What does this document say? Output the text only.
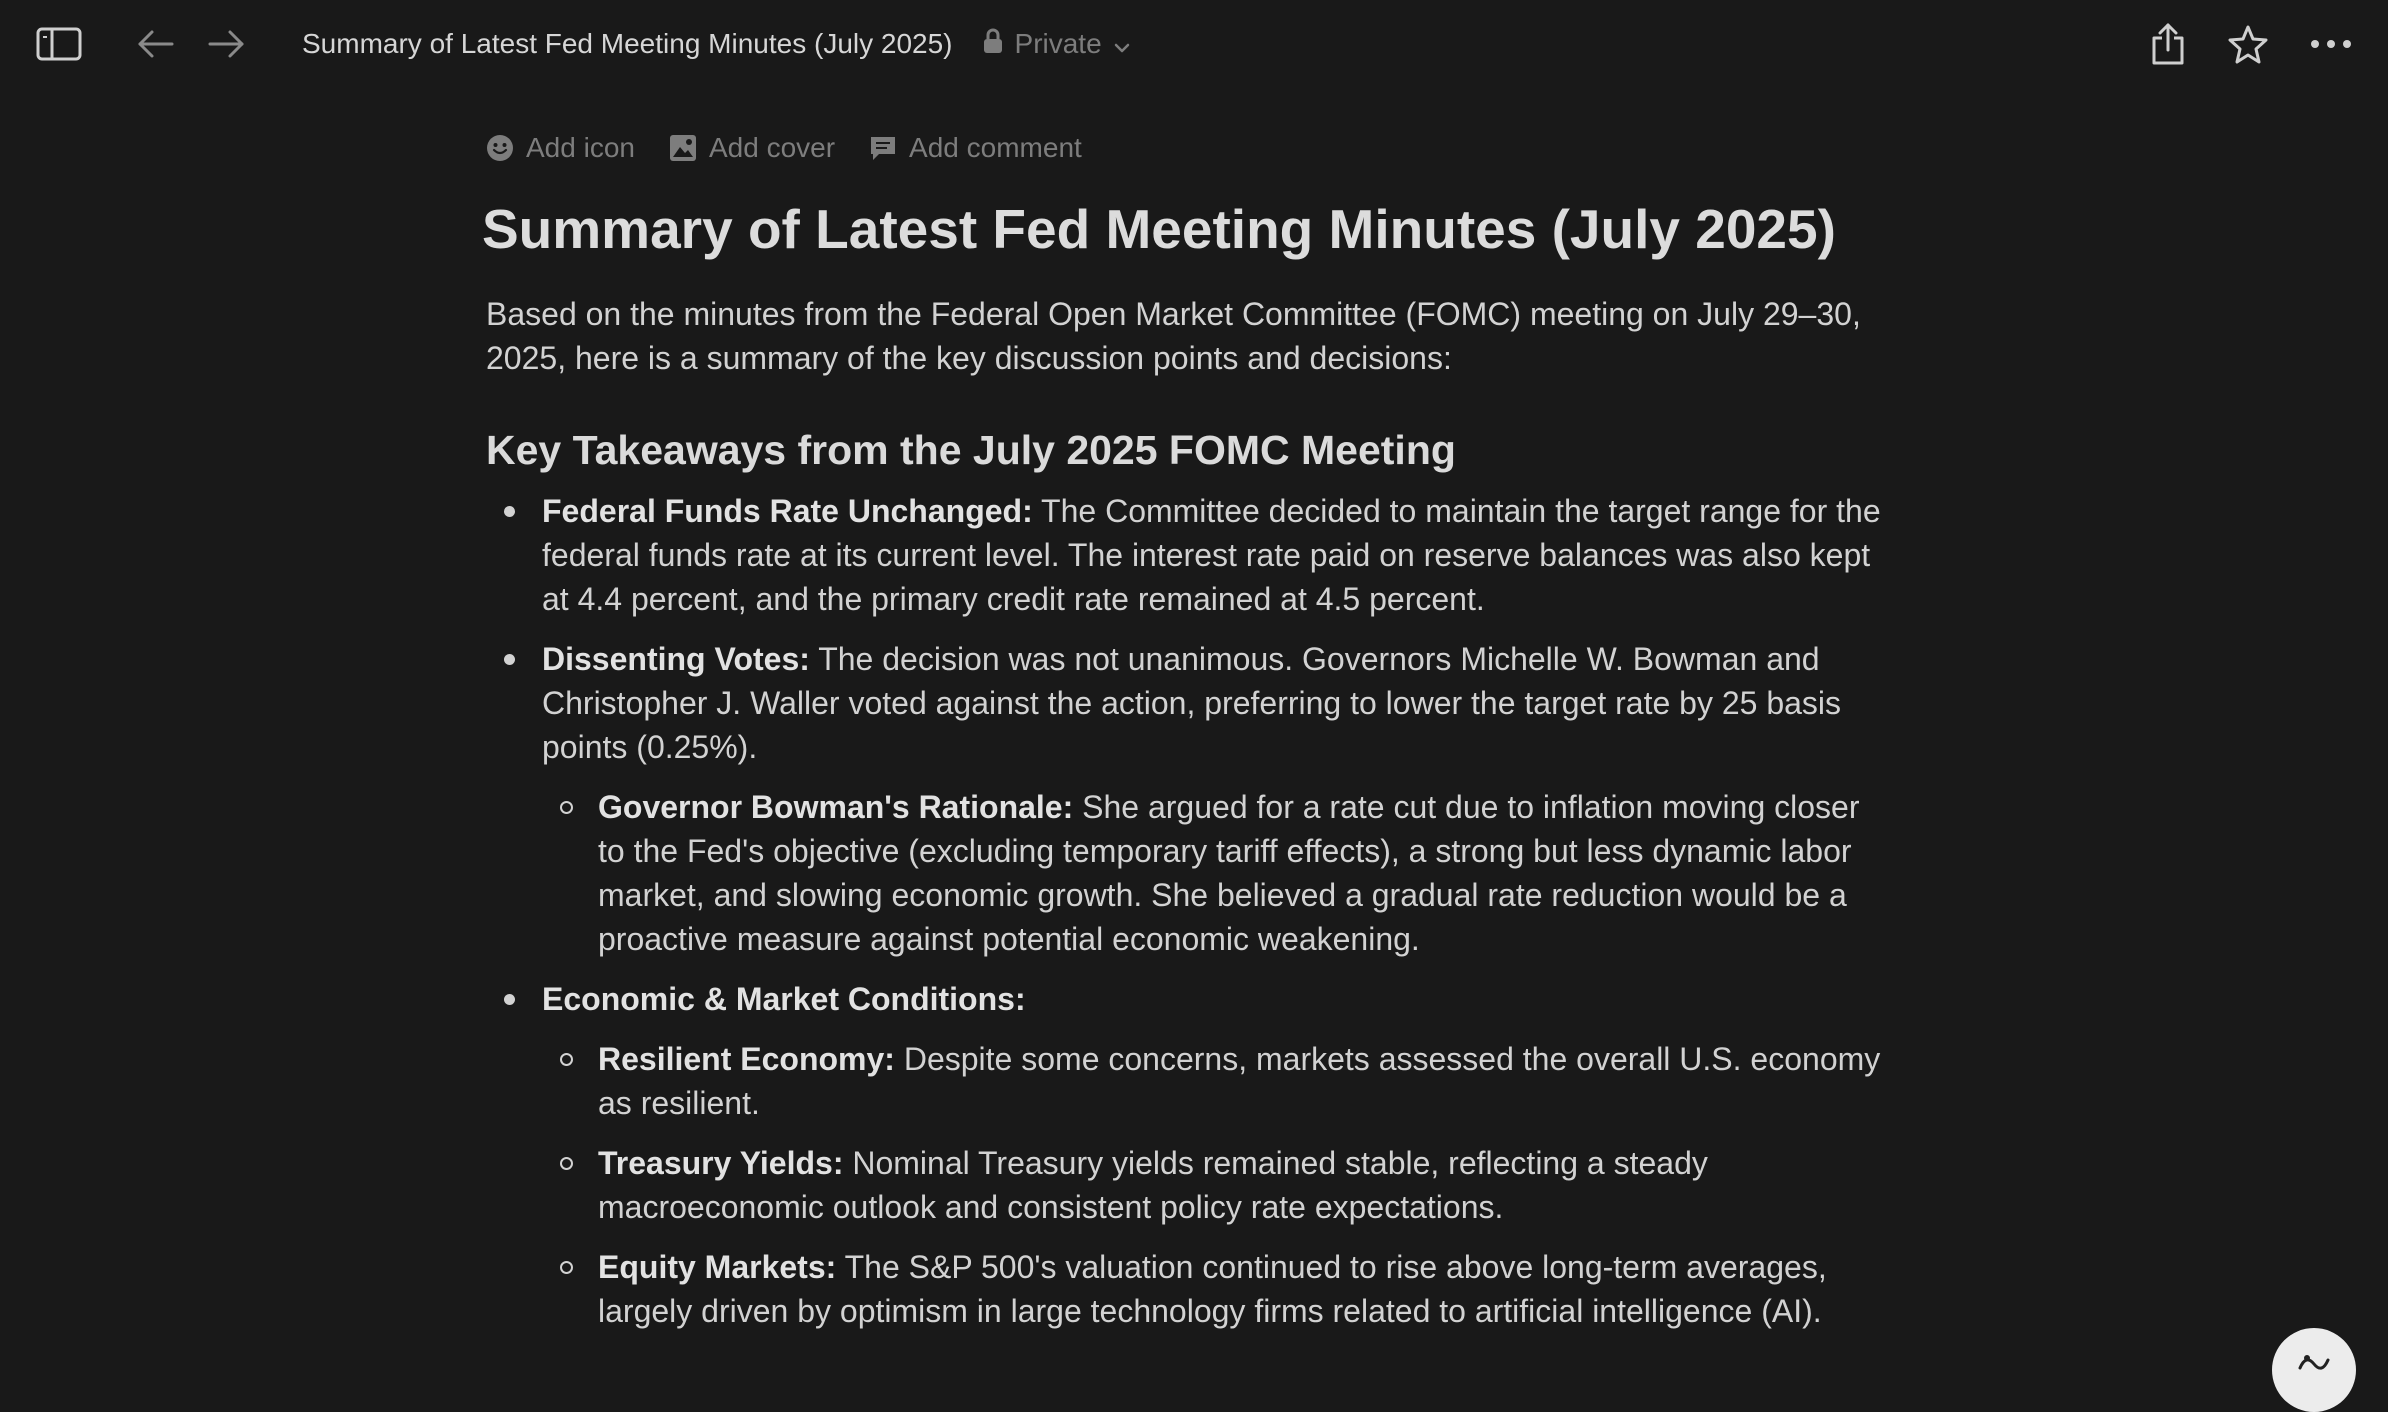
Summary of Latest Fed Meeting Minutes (July 2025) Private
Add icon	Add cover	Add comment
Summary of Latest Fed Meeting Minutes (July 2025)

Based on the minutes from the Federal Open Market Committee (FOMC) meeting on July 29–30, 2025, here is a summary of the key discussion points and decisions:

Key Takeaways from the July 2025 FOMC Meeting
Federal Funds Rate Unchanged: The Committee decided to maintain the target range for the federal funds rate at its current level. The interest rate paid on reserve balances was also kept at 4.4 percent, and the primary credit rate remained at 4.5 percent.
Dissenting Votes: The decision was not unanimous. Governors Michelle W. Bowman and Christopher J. Waller voted against the action, preferring to lower the target rate by 25 basis points (0.25%).
Governor Bowman's Rationale: She argued for a rate cut due to inflation moving closer to the Fed's objective (excluding temporary tariff effects), a strong but less dynamic labor market, and slowing economic growth. She believed a gradual rate reduction would be a proactive measure against potential economic weakening.
Economic & Market Conditions:
Resilient Economy: Despite some concerns, markets assessed the overall U.S. economy as resilient.
Treasury Yields: Nominal Treasury yields remained stable, reflecting a steady macroeconomic outlook and consistent policy rate expectations.
Equity Markets: The S&P 500's valuation continued to rise above long-term averages, largely driven by optimism in large technology firms related to artificial intelligence (AI).
